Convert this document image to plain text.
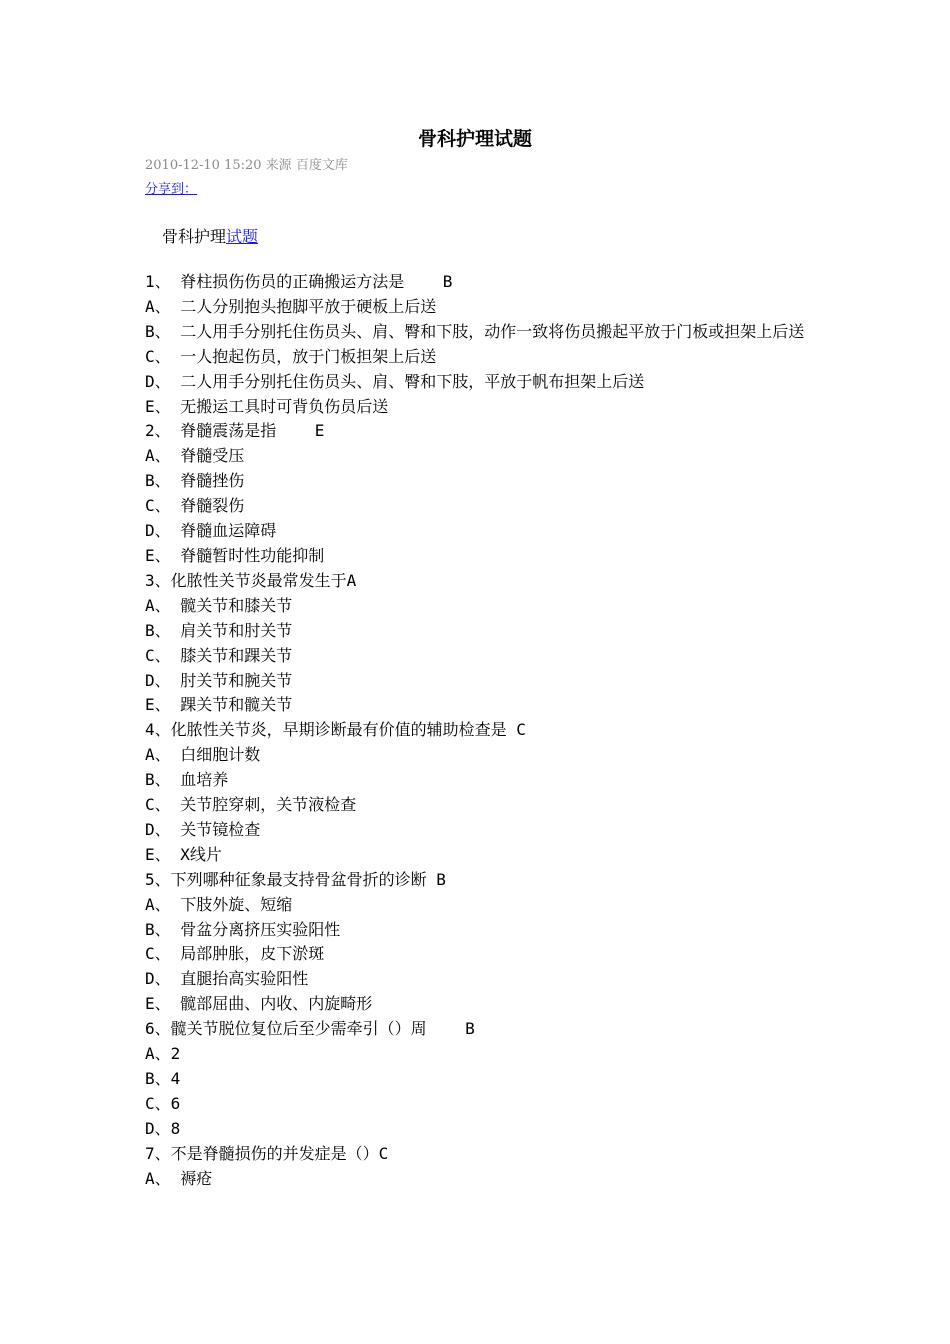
骨科护理试题
2010-12-10 15:20 来源 百度文库
分享到：
骨科护理试题
1、 脊柱损伤伤员的正确搬运方法是    B
A、 二人分别抱头抱脚平放于硬板上后送
B、 二人用手分别托住伤员头、肩、臀和下肢，动作一致将伤员搬起平放于门板或担架上后送
C、 一人抱起伤员，放于门板担架上后送
D、 二人用手分别托住伤员头、肩、臀和下肢，平放于帆布担架上后送
E、 无搬运工具时可背负伤员后送
2、 脊髓震荡是指    E
A、 脊髓受压
B、 脊髓挫伤
C、 脊髓裂伤
D、 脊髓血运障碍
E、 脊髓暂时性功能抑制
3、化脓性关节炎最常发生于A
A、 髋关节和膝关节
B、 肩关节和肘关节
C、 膝关节和踝关节
D、 肘关节和腕关节
E、 踝关节和髋关节
4、化脓性关节炎，早期诊断最有价值的辅助检查是 C
A、 白细胞计数
B、 血培养
C、 关节腔穿刺，关节液检查
D、 关节镜检查
E、 X线片
5、下列哪种征象最支持骨盆骨折的诊断 B
A、 下肢外旋、短缩
B、 骨盆分离挤压实验阳性
C、 局部肿胀，皮下淤斑
D、 直腿抬高实验阳性
E、 髋部屈曲、内收、内旋畸形
6、髋关节脱位复位后至少需牵引（）周    B
A、2
B、4
C、6
D、8
7、不是脊髓损伤的并发症是（）C
A、 褥疮
